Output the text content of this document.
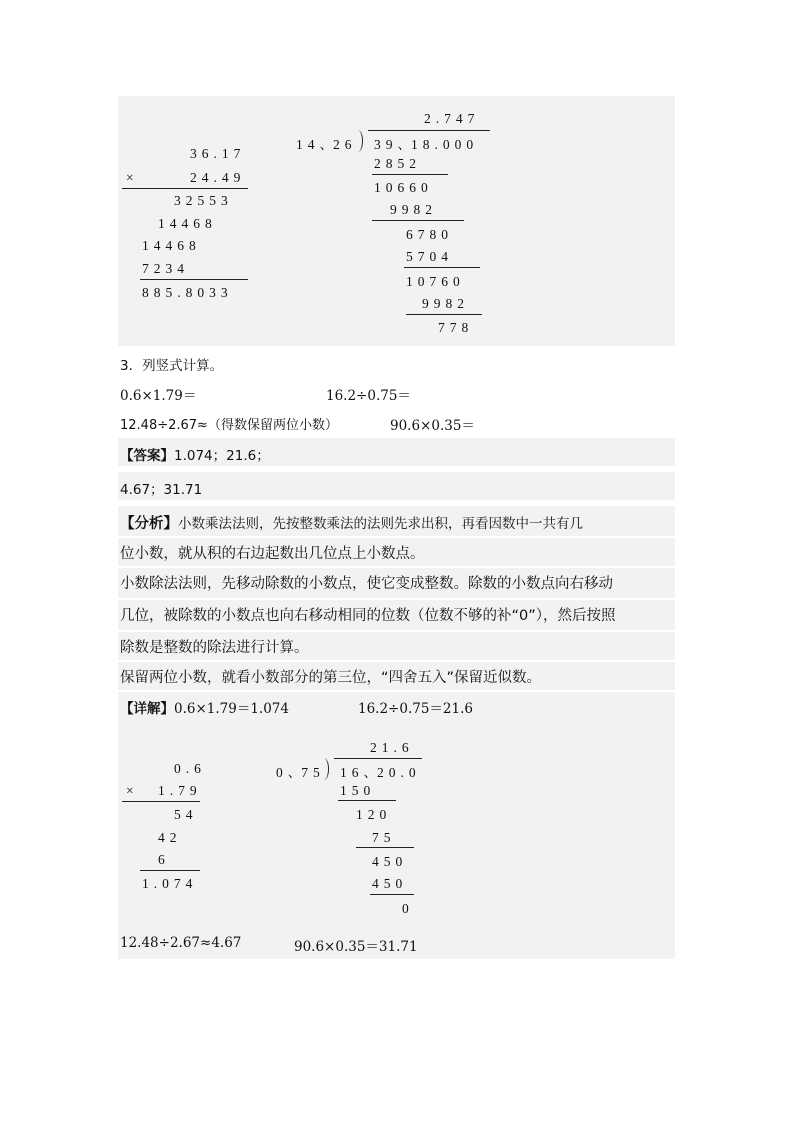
36.17
×	24.49
32553
14468
14468
7234
885.8033
2.747
14、26 39、18.000
2852
10660
9982
6780
5704
10760
9982
778
3．列竖式计算。
0.6×1.79＝	16.2÷0.75＝
12.48÷2.67≈（得数保留两位小数）	90.6×0.35＝
【答案】1.074；21.6；
4.67；31.71
【分析】小数乘法法则，先按整数乘法的法则先求出积，再看因数中一共有几
位小数，就从积的右边起数出几位点上小数点。
小数除法法则，先移动除数的小数点，使它变成整数。除数的小数点向右移动
几位，被除数的小数点也向右移动相同的位数（位数不够的补“0”），然后按照
除数是整数的除法进行计算。
保留两位小数，就看小数部分的第三位，“四舍五入”保留近似数。
【详解】0.6×1.79＝1.074	16.2÷0.75＝21.6
0.6
× 1.79
54
42
6
1.074
21.6
0、75 16、20.0
150
120
75
450
450
0
12.48÷2.67≈4.67	90.6×0.35＝31.71
